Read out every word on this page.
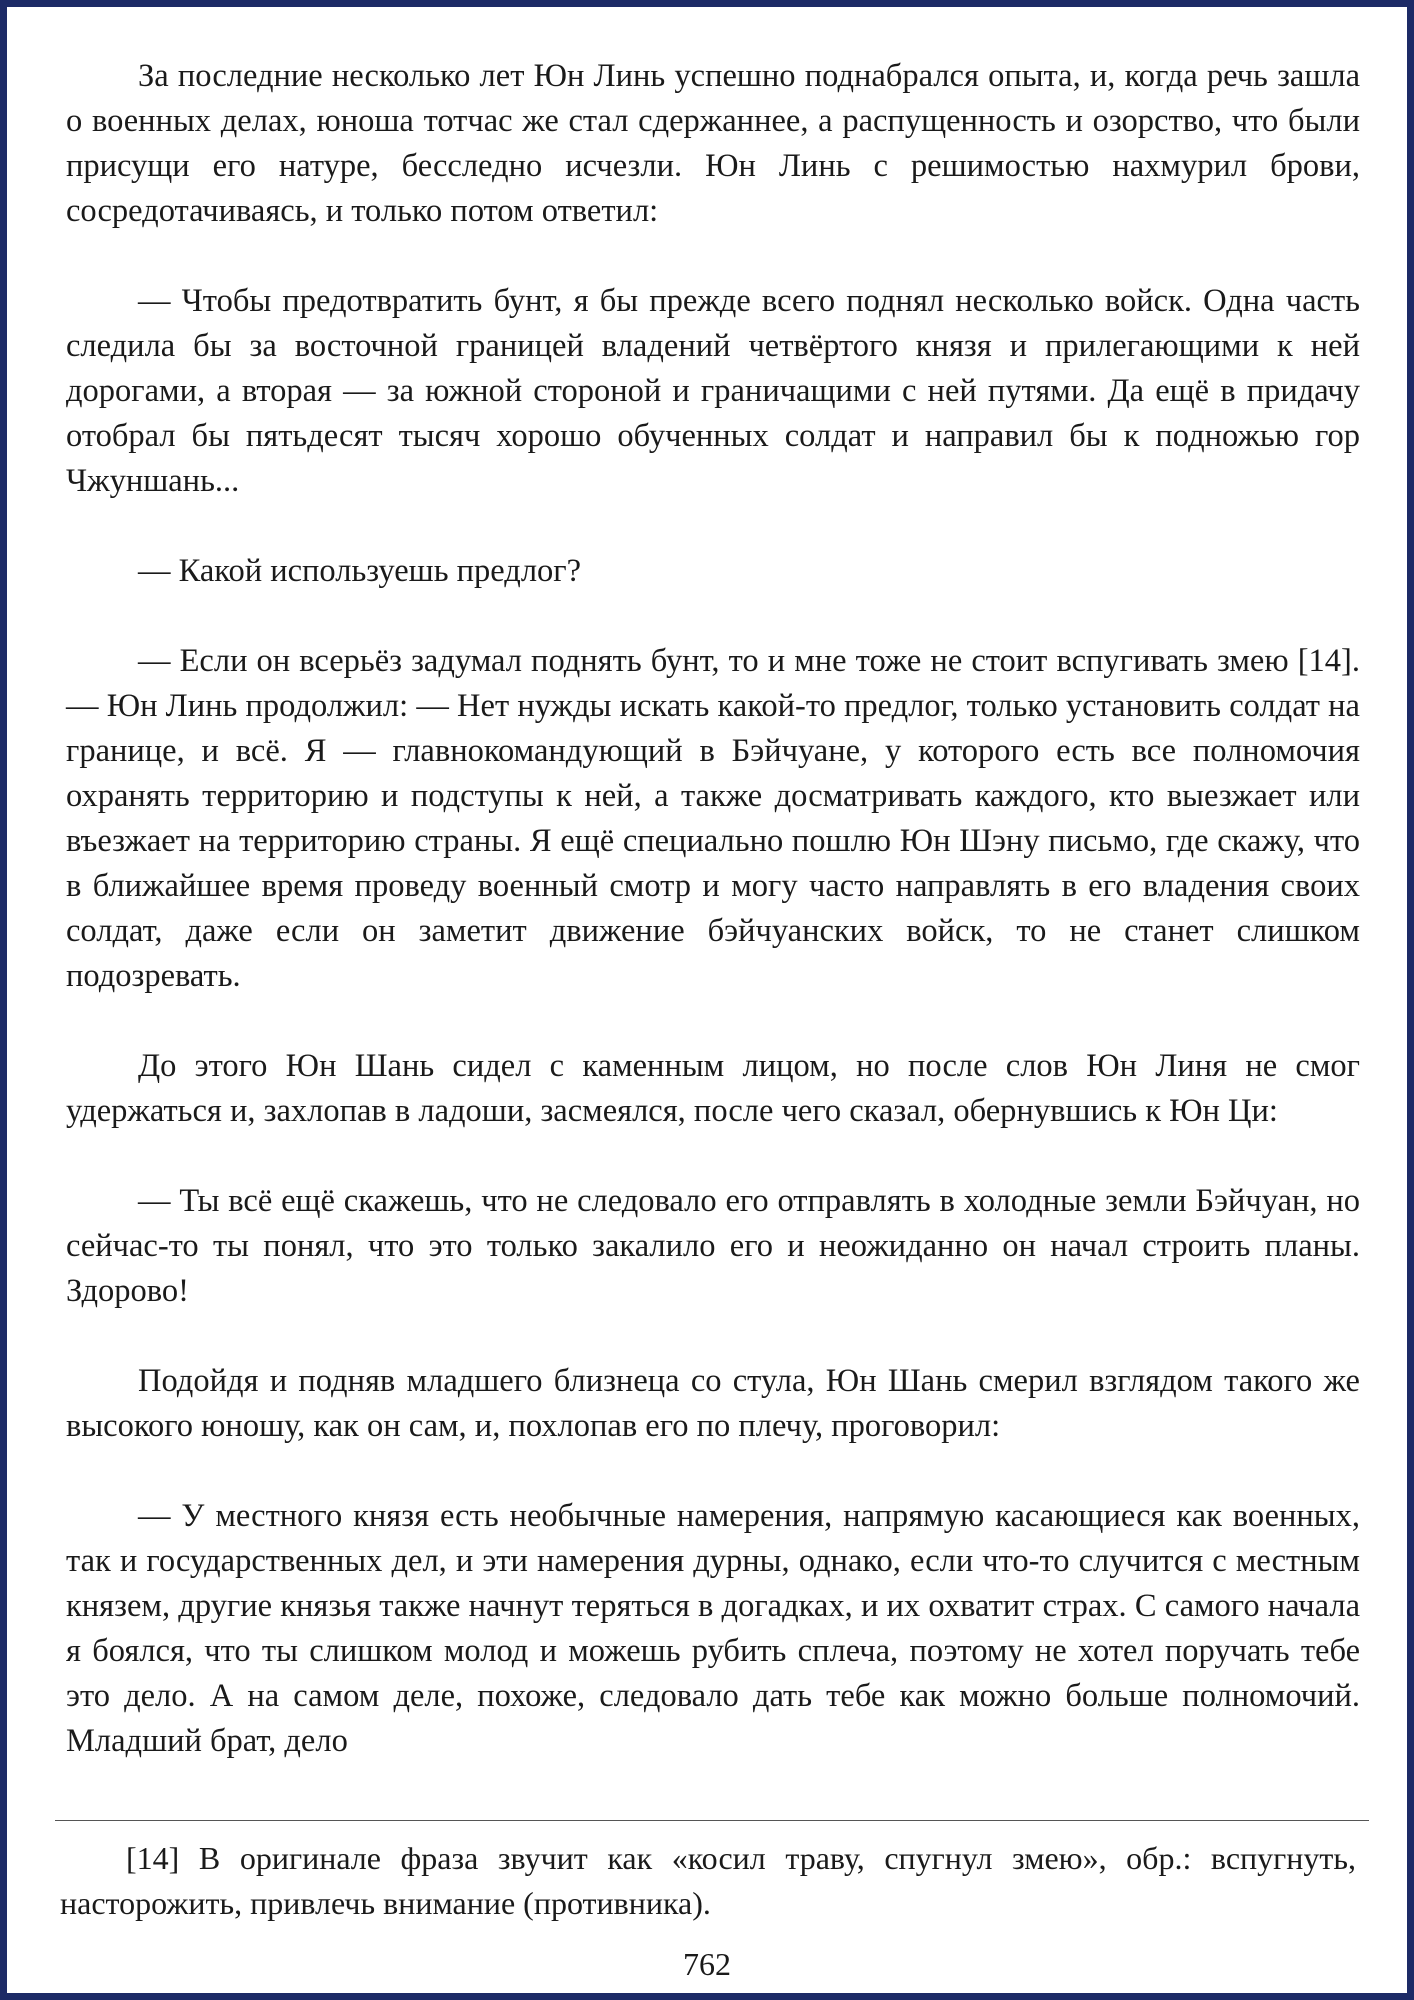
За последние несколько лет Юн Линь успешно поднабрался опыта, и, когда речь зашла о военных делах, юноша тотчас же стал сдержаннее, а распущенность и озорство, что были присущи его натуре, бесследно исчезли. Юн Линь с решимостью нахмурил брови, сосредотачиваясь, и только потом ответил:

— Чтобы предотвратить бунт, я бы прежде всего поднял несколько войск. Одна часть следила бы за восточной границей владений четвёртого князя и прилегающими к ней дорогами, а вторая — за южной стороной и граничащими с ней путями. Да ещё в придачу отобрал бы пятьдесят тысяч хорошо обученных солдат и направил бы к подножью гор Чжуншань...

— Какой используешь предлог?

— Если он всерьёз задумал поднять бунт, то и мне тоже не стоит вспугивать змею [14]. — Юн Линь продолжил: — Нет нужды искать какой-то предлог, только установить солдат на границе, и всё. Я — главнокомандующий в Бэйчуане, у которого есть все полномочия охранять территорию и подступы к ней, а также досматривать каждого, кто выезжает или въезжает на территорию страны. Я ещё специально пошлю Юн Шэну письмо, где скажу, что в ближайшее время проведу военный смотр и могу часто направлять в его владения своих солдат, даже если он заметит движение бэйчуанских войск, то не станет слишком подозревать.

До этого Юн Шань сидел с каменным лицом, но после слов Юн Линя не смог удержаться и, захлопав в ладоши, засмеялся, после чего сказал, обернувшись к Юн Ци:

— Ты всё ещё скажешь, что не следовало его отправлять в холодные земли Бэйчуан, но сейчас-то ты понял, что это только закалило его и неожиданно он начал строить планы. Здорово!

Подойдя и подняв младшего близнеца со стула, Юн Шань смерил взглядом такого же высокого юношу, как он сам, и, похлопав его по плечу, проговорил:

— У местного князя есть необычные намерения, напрямую касающиеся как военных, так и государственных дел, и эти намерения дурны, однако, если что-то случится с местным князем, другие князья также начнут теряться в догадках, и их охватит страх. С самого начала я боялся, что ты слишком молод и можешь рубить сплеча, поэтому не хотел поручать тебе это дело. А на самом деле, похоже, следовало дать тебе как можно больше полномочий. Младший брат, дело

[14] В оригинале фраза звучит как «косил траву, спугнул змею», обр.: вспугнуть, насторожить, привлечь внимание (противника).

762
